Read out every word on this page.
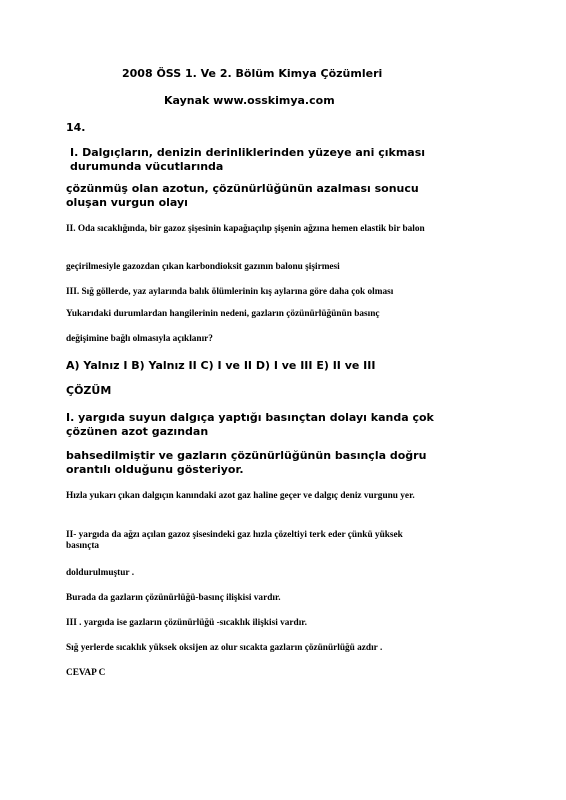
2008 ÖSS 1. Ve 2. Bölüm Kimya Çözümleri
Kaynak www.osskimya.com
14.
I. Dalgıçların, denizin derinliklerinden yüzeye ani çıkması durumunda vücutlarında
çözünmüş olan azotun, çözünürlüğünün azalması sonucu oluşan vurgun olayı
II. Oda sıcaklığında, bir gazoz şişesinin kapağıaçılıp şişenin ağzına hemen elastik bir balon
geçirilmesiyle gazozdan çıkan karbondioksit gazının balonu şişirmesi
III. Sığ göllerde, yaz aylarında balık ölümlerinin kış aylarına göre daha çok olması
Yukarıdaki durumlardan hangilerinin nedeni, gazların çözünürlüğünün basınç
değişimine bağlı olmasıyla açıklanır?
A) Yalnız I B) Yalnız II C) I ve II D) I ve III E) II ve III
ÇÖZÜM
I. yargıda suyun dalgıça yaptığı basınçtan dolayı kanda çok çözünen azot gazından
bahsedilmiştir ve gazların çözünürlüğünün basınçla doğru orantılı olduğunu gösteriyor.
Hızla yukarı çıkan dalgıçın kanındaki azot gaz haline geçer ve dalgıç deniz vurgunu yer.
II- yargıda da ağzı açılan gazoz şisesindeki gaz hızla çözeltiyi terk eder çünkü yüksek basınçta
doldurulmuştur .
Burada da gazların çözünürlüğü-basınç ilişkisi vardır.
III . yargıda ise gazların çözünürlüğü -sıcaklık ilişkisi vardır.
Sığ yerlerde sıcaklık yüksek oksijen az olur sıcakta gazların çözünürlüğü azdır .
CEVAP C
